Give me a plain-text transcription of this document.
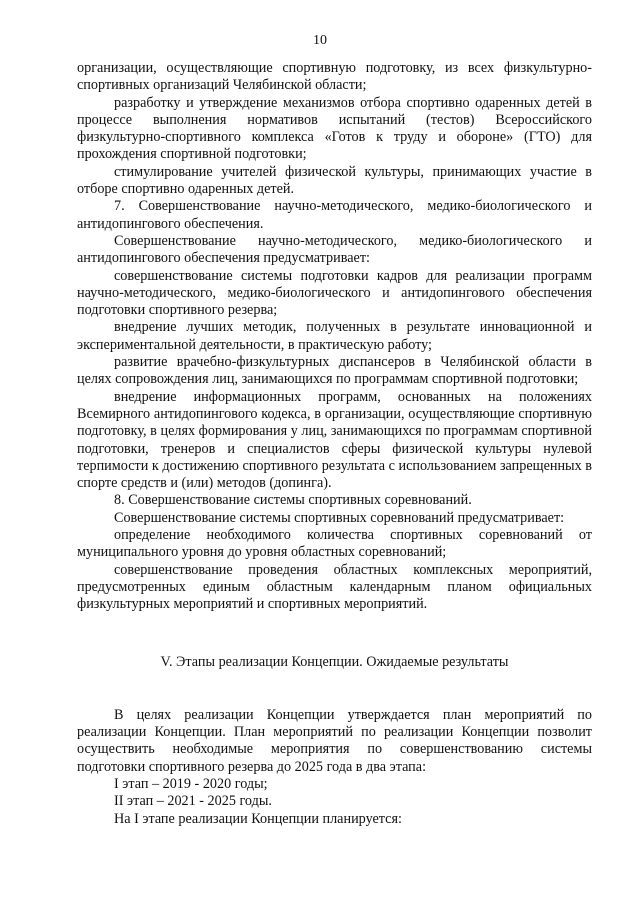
10

организации, осуществляющие спортивную подготовку, из всех физкультурно-спортивных организаций Челябинской области;

разработку и утверждение механизмов отбора спортивно одаренных детей в процессе выполнения нормативов испытаний (тестов) Всероссийского физкультурно-спортивного комплекса «Готов к труду и обороне» (ГТО) для прохождения спортивной подготовки;

стимулирование учителей физической культуры, принимающих участие в отборе спортивно одаренных детей.

7. Совершенствование научно-методического, медико-биологического и антидопингового обеспечения.

Совершенствование научно-методического, медико-биологического и антидопингового обеспечения предусматривает:

совершенствование системы подготовки кадров для реализации программ научно-методического, медико-биологического и антидопингового обеспечения подготовки спортивного резерва;

внедрение лучших методик, полученных в результате инновационной и экспериментальной деятельности, в практическую работу;

развитие врачебно-физкультурных диспансеров в Челябинской области в целях сопровождения лиц, занимающихся по программам спортивной подготовки;

внедрение информационных программ, основанных на положениях Всемирного антидопингового кодекса, в организации, осуществляющие спортивную подготовку, в целях формирования у лиц, занимающихся по программам спортивной подготовки, тренеров и специалистов сферы физической культуры нулевой терпимости к достижению спортивного результата с использованием запрещенных в спорте средств и (или) методов (допинга).

8. Совершенствование системы спортивных соревнований.

Совершенствование системы спортивных соревнований предусматривает:

определение необходимого количества спортивных соревнований от муниципального уровня до уровня областных соревнований;

совершенствование проведения областных комплексных мероприятий, предусмотренных единым областным календарным планом официальных физкультурных мероприятий и спортивных мероприятий.

V. Этапы реализации Концепции. Ожидаемые результаты

В целях реализации Концепции утверждается план мероприятий по реализации Концепции. План мероприятий по реализации Концепции позволит осуществить необходимые мероприятия по совершенствованию системы подготовки спортивного резерва до 2025 года в два этапа:

I этап – 2019 - 2020 годы;

II этап – 2021 - 2025 годы.

На I этапе реализации Концепции планируется:
